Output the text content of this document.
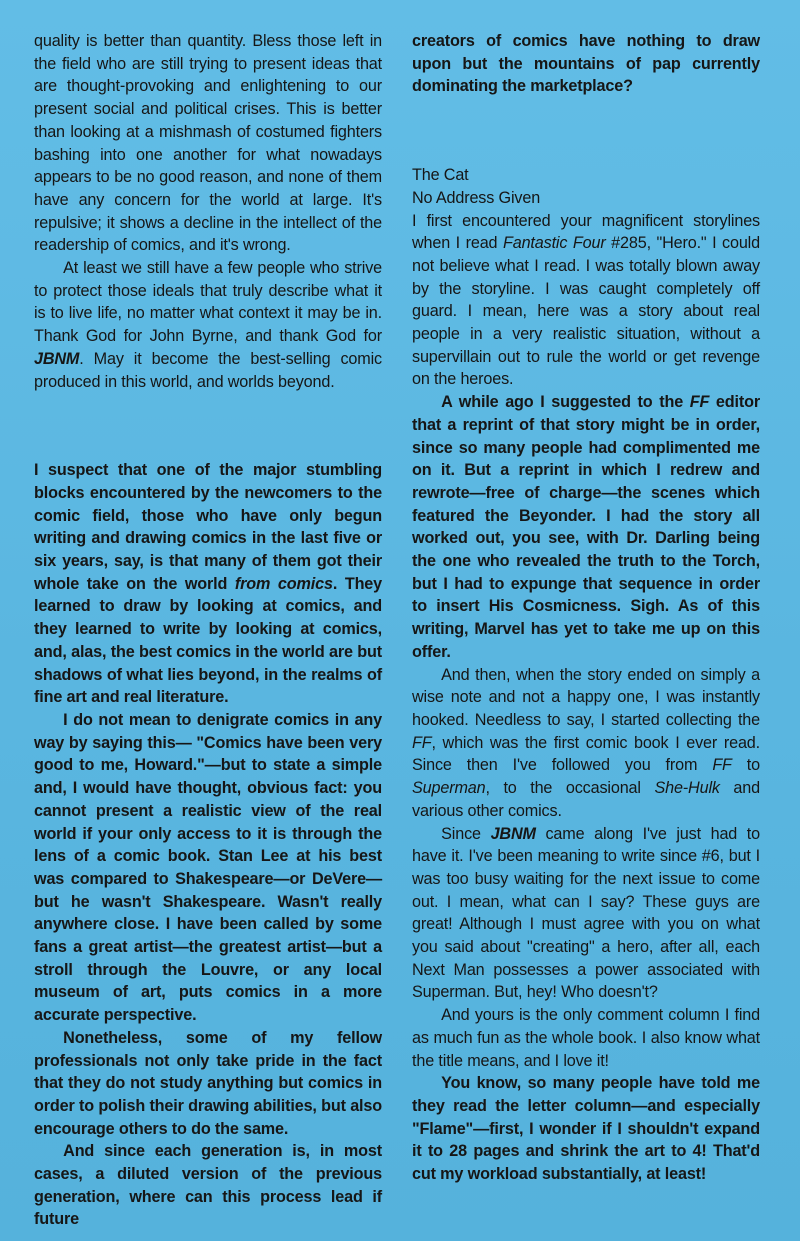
quality is better than quantity. Bless those left in the field who are still trying to present ideas that are thought-provoking and enlightening to our present social and political crises. This is better than looking at a mishmash of costumed fighters bashing into one another for what nowadays appears to be no good reason, and none of them have any concern for the world at large. It's repulsive; it shows a decline in the intellect of the readership of comics, and it's wrong.

At least we still have a few people who strive to protect those ideals that truly describe what it is to live life, no matter what context it may be in. Thank God for John Byrne, and thank God for JBNM. May it become the best-selling comic produced in this world, and worlds beyond.

I suspect that one of the major stumbling blocks encountered by the newcomers to the comic field, those who have only begun writing and drawing comics in the last five or six years, say, is that many of them got their whole take on the world from comics. They learned to draw by looking at comics, and they learned to write by looking at comics, and, alas, the best comics in the world are but shadows of what lies beyond, in the realms of fine art and real literature.

I do not mean to denigrate comics in any way by saying this— "Comics have been very good to me, Howard."—but to state a simple and, I would have thought, obvious fact: you cannot present a realistic view of the real world if your only access to it is through the lens of a comic book. Stan Lee at his best was compared to Shakespeare—or DeVere—but he wasn't Shakespeare. Wasn't really anywhere close. I have been called by some fans a great artist—the greatest artist—but a stroll through the Louvre, or any local museum of art, puts comics in a more accurate perspective.

Nonetheless, some of my fellow professionals not only take pride in the fact that they do not study anything but comics in order to polish their drawing abilities, but also encourage others to do the same.

And since each generation is, in most cases, a diluted version of the previous generation, where can this process lead if future

creators of comics have nothing to draw upon but the mountains of pap currently dominating the marketplace?

The Cat

No Address Given

I first encountered your magnificent storylines when I read Fantastic Four #285, "Hero." I could not believe what I read. I was totally blown away by the storyline. I was caught completely off guard. I mean, here was a story about real people in a very realistic situation, without a supervillain out to rule the world or get revenge on the heroes.

A while ago I suggested to the FF editor that a reprint of that story might be in order, since so many people had complimented me on it. But a reprint in which I redrew and rewrote—free of charge—the scenes which featured the Beyonder. I had the story all worked out, you see, with Dr. Darling being the one who revealed the truth to the Torch, but I had to expunge that sequence in order to insert His Cosmicness. Sigh. As of this writing, Marvel has yet to take me up on this offer.

And then, when the story ended on simply a wise note and not a happy one, I was instantly hooked. Needless to say, I started collecting the FF, which was the first comic book I ever read. Since then I've followed you from FF to Superman, to the occasional She-Hulk and various other comics.

Since JBNM came along I've just had to have it. I've been meaning to write since #6, but I was too busy waiting for the next issue to come out. I mean, what can I say? These guys are great! Although I must agree with you on what you said about "creating" a hero, after all, each Next Man possesses a power associated with Superman. But, hey! Who doesn't?

And yours is the only comment column I find as much fun as the whole book. I also know what the title means, and I love it!

You know, so many people have told me they read the letter column—and especially "Flame"—first, I wonder if I shouldn't expand it to 28 pages and shrink the art to 4! That'd cut my workload substantially, at least!
